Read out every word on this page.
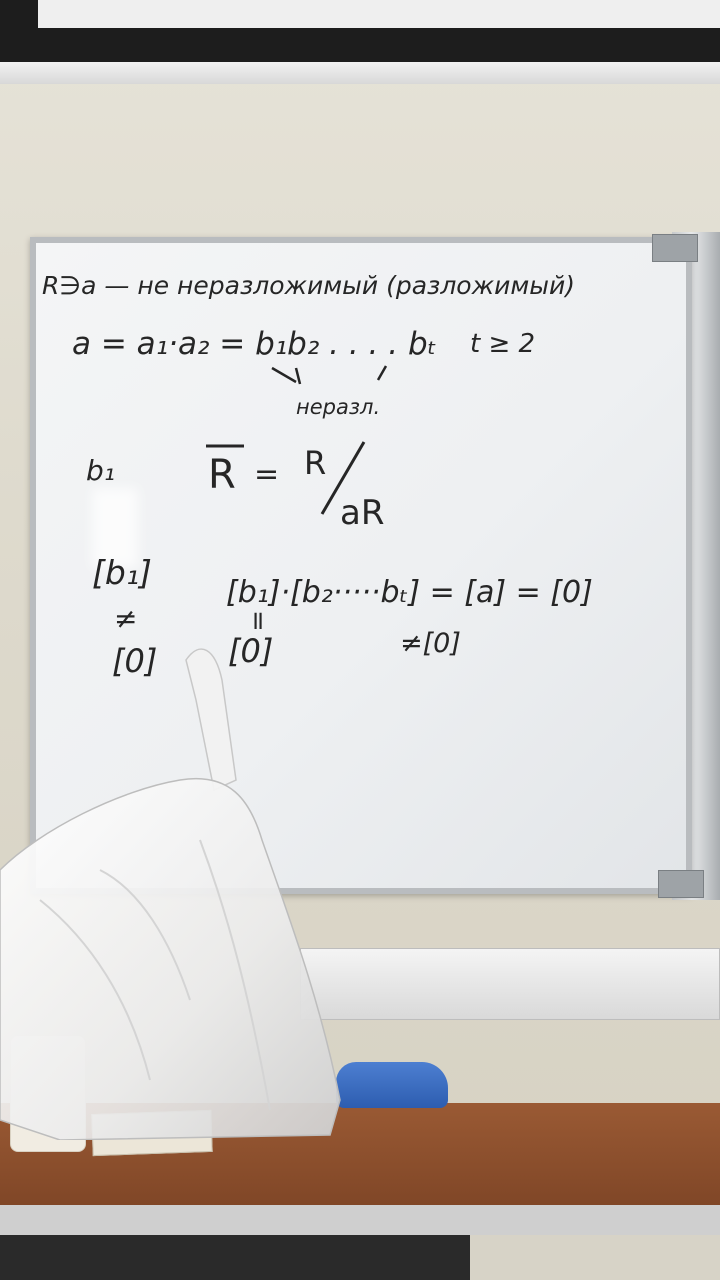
R∋a — не неразложимый (разложимый)
a = a₁·a₂ = b₁b₂ . . . . bₜ t ≥ 2
неразл.
b₁ R = R
aR
[b₁]
[b₁]·[b₂·····bₜ] = [a] = [0]
≠
[0]
=
[0]	≠[0]
